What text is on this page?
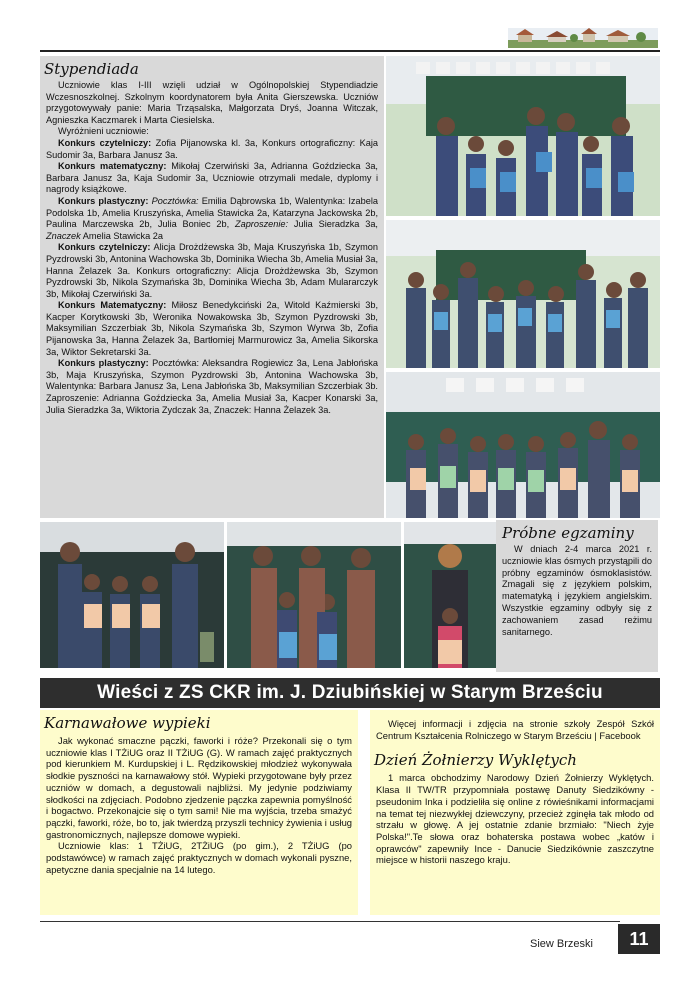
Stypendiada

Uczniowie klas I-III wzięli udział w Ogólnopolskiej Stypendiadzie Wczesnoszkolnej. Szkolnym koordynatorem była Anita Gierszewska. Uczniów przygotowywały panie: Maria Trząsalska, Małgorzata Dryś, Joanna Witczak, Agnieszka Kaczmarek i Marta Ciesielska.

Wyróżnieni uczniowie:

Konkurs czytelniczy: Zofia Pijanowska kl. 3a, Konkurs ortograficzny: Kaja Sudomir 3a, Barbara Janusz 3a.

Konkurs matematyczny: Mikołaj Czerwiński 3a, Adrianna Goździecka 3a, Barbara Janusz 3a, Kaja Sudomir 3a, Uczniowie otrzymali medale, dyplomy i nagrody książkowe.

Konkurs plastyczny: Pocztówka: Emilia Dąbrowska 1b, Walentynka: Izabela Podolska 1b, Amelia Kruszyńska, Amelia Stawicka 2a, Katarzyna Jackowska 2b, Paulina Marczewska 2b, Julia Boniec 2b, Zaproszenie: Julia Sieradzka 3a, Znaczek Amelia Stawicka 2a

Konkurs czytelniczy: Alicja Drożdżewska 3b, Maja Kruszyńska 1b, Szymon Pyzdrowski 3b, Antonina Wachowska 3b, Dominika Wiecha 3b, Amelia Musiał 3a, Hanna Żelazek 3a. Konkurs ortograficzny: Alicja Drożdżewska 3b, Szymon Pyzdrowski 3b, Nikola Szymańska 3b, Dominika Wiecha 3b, Adam Mulararczyk 3b, Mikołaj Czerwiński 3a.

Konkurs Matematyczny: Miłosz Benedykciński 2a, Witold Kaźmierski 3b, Kacper Korytkowski 3b, Weronika Nowakowska 3b, Szymon Pyzdrowski 3b, Maksymilian Szczerbiak 3b, Nikola Szymańska 3b, Szymon Wyrwa 3b, Zofia Pijanowska 3a, Hanna Żelazek 3a, Bartłomiej Marmurowicz 3a, Amelia Sikorska 3a, Wiktor Sekretarski 3a.

Konkurs plastyczny: Pocztówka: Aleksandra Rogiewicz 3a, Lena Jabłońska 3b, Maja Kruszyńska, Szymon Pyzdrowski 3b, Antonina Wachowska 3b, Walentynka: Barbara Janusz 3a, Lena Jabłońska 3b, Maksymilian Szczerbiak 3b. Zaproszenie: Adrianna Goździecka 3a, Amelia Musiał 3a, Kacper Konarski 3a, Julia Sieradzka 3a, Wiktoria Zydczak 3a, Znaczek: Hanna Żelazek 3a.

Próbne egzaminy

W dniach 2-4 marca 2021 r. uczniowie klas ósmych przystąpili do próbny egzaminów ósmoklasistów. Zmagali się z językiem polskim, matematyką i językiem angielskim. Wszystkie egzaminy odbyły się z zachowaniem zasad reżimu sanitarnego.

Wieści z ZS CKR im. J. Dziubińskiej w Starym Brześciu
Karnawałowe wypieki

Jak wykonać smaczne pączki, faworki i róże? Przekonali się o tym uczniowie klas I TŻiUG oraz II TŻiUG (G). W ramach zajęć praktycznych pod kierunkiem M. Kurdupskiej i L. Rędzikowskiej młodzież wykonywała słodkie pyszności na karnawałowy stół. Wypieki przygotowane były przez uczniów w domach, a degustowali najbliżsi. My jedynie podziwiamy słodkości na zdjęciach. Podobno zjedzenie pączka zapewnia pomyślność i bogactwo. Przekonajcie się o tym sami! Nie ma wyjścia, trzeba smażyć pączki, faworki, róże, bo to, jak twierdzą przyszli technicy żywienia i usług gastronomicznych, najlepsze domowe wypieki.

Uczniowie klas: 1 TŻiUG, 2TŻiUG (po gim.), 2 TŻiUG (po podstawówce) w ramach zajęć praktycznych w domach wykonali pyszne, apetyczne dania specjalnie na 14 lutego.

Więcej informacji i zdjęcia na stronie szkoły Zespół Szkół Centrum Kształcenia Rolniczego w Starym Brześciu | Facebook

Dzień Żołnierzy Wyklętych

1 marca obchodzimy Narodowy Dzień Żołnierzy Wyklętych. Klasa II TW/TR przypomniała postawę Danuty Siedzikówny - pseudonim Inka i podzieliła się online z rówieśnikami informacjami na temat tej niezwykłej dziewczyny, przecież zginęła tak młodo od strzału w głowę. A jej ostatnie zdanie brzmiało: "Niech żyje Polska!".Te słowa oraz bohaterska postawa wobec „katów i oprawców" zapewniły Ince - Danucie Siedzikównie zaszczytne miejsce w historii naszego kraju.

Siew Brzeski	11
